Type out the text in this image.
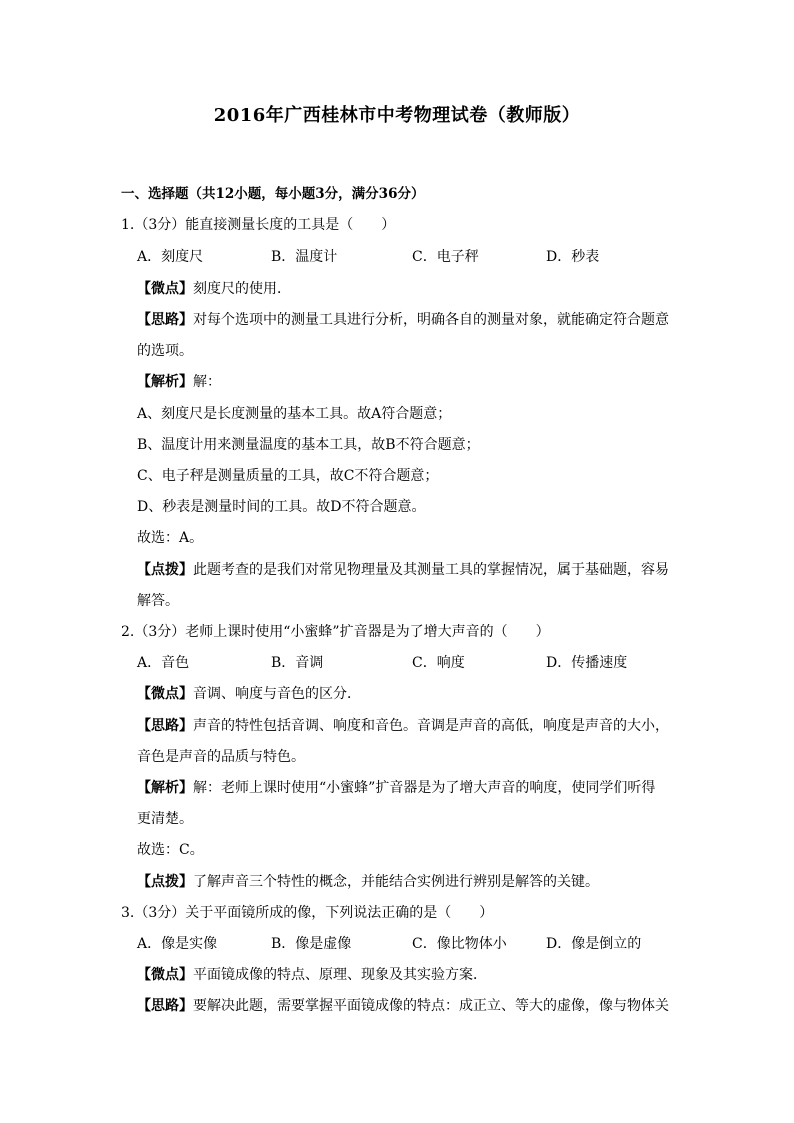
2016年广西桂林市中考物理试卷（教师版）
一、选择题（共12小题，每小题3分，满分36分）
1.（3分）能直接测量长度的工具是（　　）
A．刻度尺	B．温度计	C．电子秤	D．秒表
【微点】刻度尺的使用．
【思路】对每个选项中的测量工具进行分析，明确各自的测量对象，就能确定符合题意
的选项。
【解析】解：
A、刻度尺是长度测量的基本工具。故A符合题意；
B、温度计用来测量温度的基本工具，故B不符合题意；
C、电子秤是测量质量的工具，故C不符合题意；
D、秒表是测量时间的工具。故D不符合题意。
故选：A。
【点拨】此题考查的是我们对常见物理量及其测量工具的掌握情况，属于基础题，容易
解答。
2.（3分）老师上课时使用“小蜜蜂”扩音器是为了增大声音的（　　）
A．音色	B．音调	C．响度	D．传播速度
【微点】音调、响度与音色的区分．
【思路】声音的特性包括音调、响度和音色。音调是声音的高低，响度是声音的大小，
音色是声音的品质与特色。
【解析】解：老师上课时使用“小蜜蜂”扩音器是为了增大声音的响度，使同学们听得
更清楚。
故选：C。
【点拨】了解声音三个特性的概念，并能结合实例进行辨别是解答的关键。
3.（3分）关于平面镜所成的像，下列说法正确的是（　　）
A．像是实像	B．像是虚像	C．像比物体小	D．像是倒立的
【微点】平面镜成像的特点、原理、现象及其实验方案．
【思路】要解决此题，需要掌握平面镜成像的特点：成正立、等大的虚像，像与物体关
